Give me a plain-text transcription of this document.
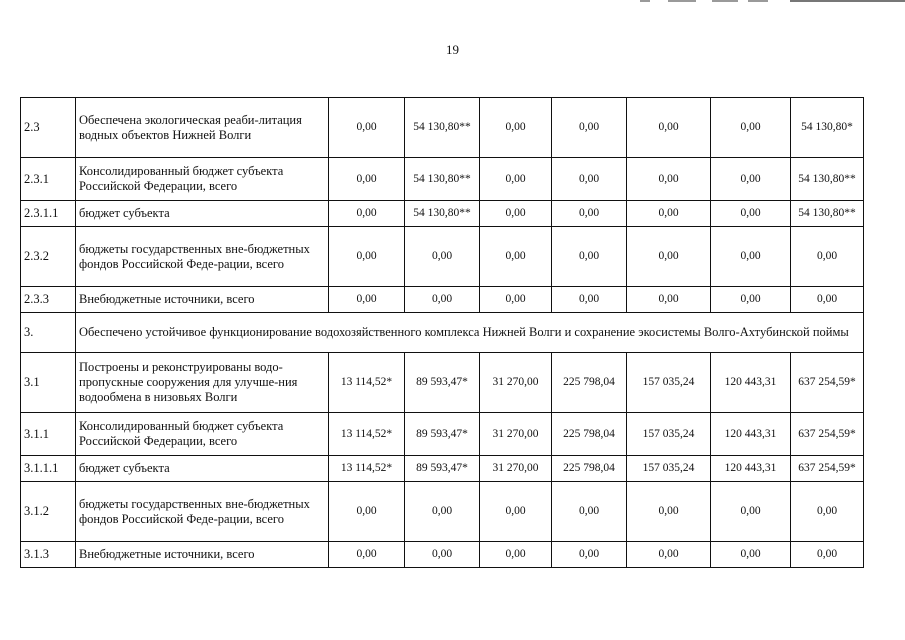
19
2.3	Обеспечена экологическая реаби-литация водных объектов Нижней Волги	0,00	54 130,80**	0,00	0,00	0,00	0,00	54 130,80*
2.3.1	Консолидированный бюджет субъекта Российской Федерации, всего	0,00	54 130,80**	0,00	0,00	0,00	0,00	54 130,80**
2.3.1.1	бюджет субъекта	0,00	54 130,80**	0,00	0,00	0,00	0,00	54 130,80**
2.3.2	бюджеты государственных вне-бюджетных фондов Российской Феде-рации, всего	0,00	0,00	0,00	0,00	0,00	0,00	0,00
2.3.3	Внебюджетные источники, всего	0,00	0,00	0,00	0,00	0,00	0,00	0,00
3.	Обеспечено устойчивое функционирование водохозяйственного комплекса Нижней Волги и сохранение экосистемы Волго-Ахтубинской поймы							
3.1	Построены и реконструированы водо-пропускные сооружения для улучше-ния водообмена в низовьях Волги	13 114,52*	89 593,47*	31 270,00	225 798,04	157 035,24	120 443,31	637 254,59*
3.1.1	Консолидированный бюджет субъекта Российской Федерации, всего	13 114,52*	89 593,47*	31 270,00	225 798,04	157 035,24	120 443,31	637 254,59*
3.1.1.1	бюджет субъекта	13 114,52*	89 593,47*	31 270,00	225 798,04	157 035,24	120 443,31	637 254,59*
3.1.2	бюджеты государственных вне-бюджетных фондов Российской Феде-рации, всего	0,00	0,00	0,00	0,00	0,00	0,00	0,00
3.1.3	Внебюджетные источники, всего	0,00	0,00	0,00	0,00	0,00	0,00	0,00
